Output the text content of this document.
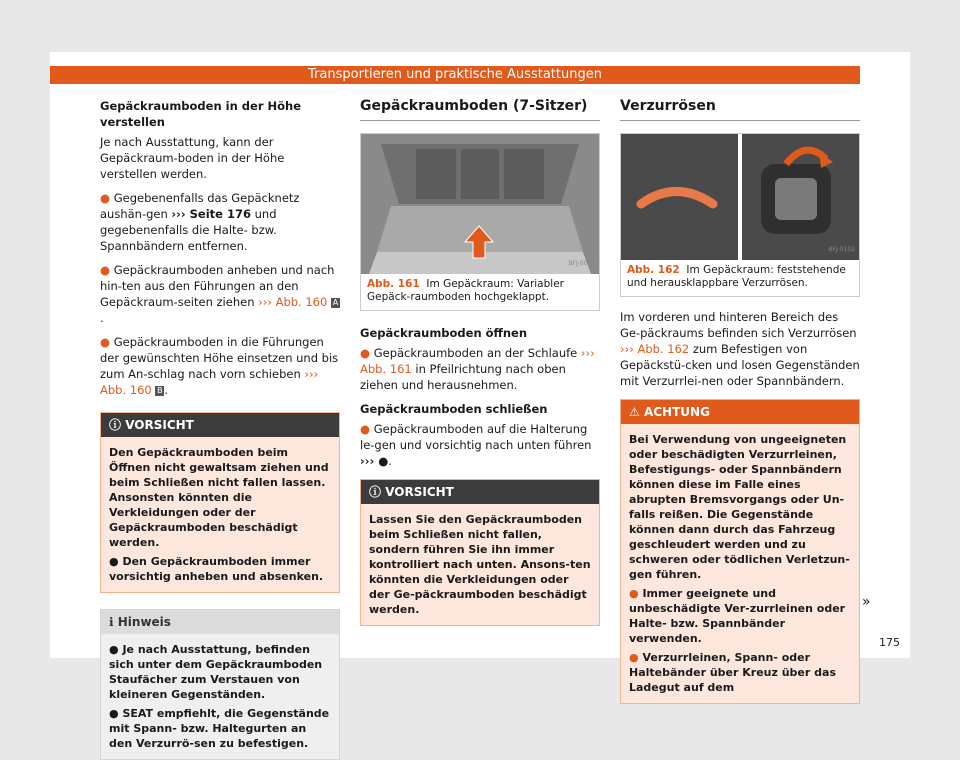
Transportieren und praktische Ausstattungen
Gepäckraumboden in der Höhe verstellen

Je nach Ausstattung, kann der Gepäckraum-boden in der Höhe verstellen werden.

● Gegebenenfalls das Gepäcknetz aushän-gen ››› Seite 176 und gegebenenfalls die Halte- bzw. Spannbändern entfernen.

● Gepäckraumboden anheben und nach hin-ten aus den Führungen an den Gepäckraum-seiten ziehen ››› Abb. 160 A.

● Gepäckraumboden in die Führungen der gewünschten Höhe einsetzen und bis zum An-schlag nach vorn schieben ››› Abb. 160 B .

ⓘ VORSICHT
Den Gepäckraumboden beim Öffnen nicht gewaltsam ziehen und beim Schließen nicht fallen lassen. Ansonsten könnten die Verkleidungen oder der Gepäckraumboden beschädigt werden.
● Den Gepäckraumboden immer vorsichtig anheben und absenken.
ℹ Hinweis
● Je nach Ausstattung, befinden sich unter dem Gepäckraumboden Staufächer zum Verstauen von kleineren Gegenständen.
● SEAT empfiehlt, die Gegenstände mit Spann- bzw. Haltegurten an den Verzurrö-sen zu befestigen.
Gepäckraumboden (7-Sitzer)
BFJ-0095
Abb. 161 Im Gepäckraum: Variabler Gepäck-raumboden hochgeklappt.
Gepäckraumboden öffnen

● Gepäckraumboden an der Schlaufe ››› Abb. 161 in Pfeilrichtung nach oben ziehen und herausnehmen.

Gepäckraumboden schließen

● Gepäckraumboden auf die Halterung le-gen und vorsichtig nach unten führen ››› ●.

ⓘ VORSICHT
Lassen Sie den Gepäckraumboden beim Schließen nicht fallen, sondern führen Sie ihn immer kontrolliert nach unten. Ansons-ten könnten die Verkleidungen oder der Ge-päckraumboden beschädigt werden.
Verzurrösen
BFJ-0102
Abb. 162 Im Gepäckraum: feststehende und herausklappbare Verzurrösen.

Im vorderen und hinteren Bereich des Ge-päckraums befinden sich Verzurrösen ››› Abb. 162 zum Befestigen von Gepäckstü-cken und losen Gegenständen mit Verzurrlei-nen oder Spannbändern.

⚠ ACHTUNG
Bei Verwendung von ungeeigneten oder beschädigten Verzurrleinen, Befestigungs- oder Spannbändern können diese im Falle eines abrupten Bremsvorgangs oder Un-falls reißen. Die Gegenstände können dann durch das Fahrzeug geschleudert werden und zu schweren oder tödlichen Verletzun-gen führen.
● Immer geeignete und unbeschädigte Ver-zurrleinen oder Halte- bzw. Spannbänder verwenden.
● Verzurrleinen, Spann- oder Haltebänder über Kreuz über das Ladegut auf dem
»
175
